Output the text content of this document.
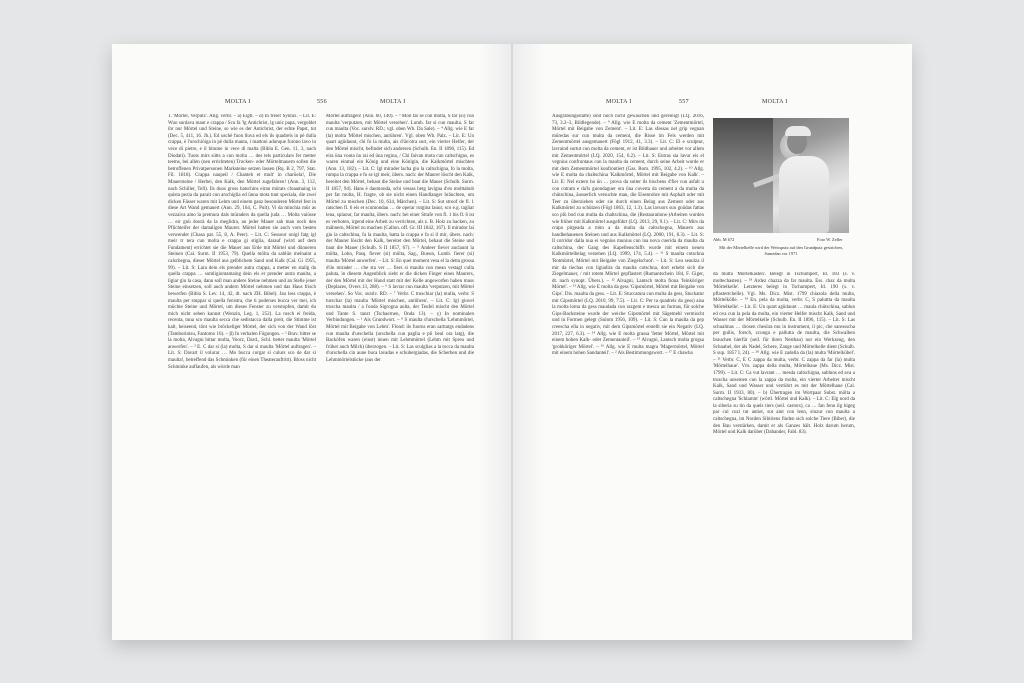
MOLTA I	556	MOLTA I

1. 'Mörtel, Verputz'. Allg. verbr. – a) Eigtl. – α) In freier Syntax. – Lit. E: Wuo surdava maut e crappa / Scu fa 'lg Antichrist, lg unic papa, vergoldet ihr nur Mörtel und Steine, so wie es der Antichrist, der echte Papst, tut (Dec. 5, 411, 16. Jh.). Ed uschè fuon lluva ed els ils quadrels in pè dulla crappa, è l'urschiöiga in pè dulla mauta, i mattoni adunque furono lavo in vece di pietre, e il bitume in vece di malta (Bibla E. Gen. 11, 3, nach Diodati). Tuots mirs sütts a cun molta … des tels particulars fer metter teems, bei allen (neu errichteten) Trocken- oder Mörtelmauern sollen die betroffenen Privatpersonen Marksteine setzen lassen (Rq. B 2, 797, Stat. Fil. 1818). Crappa naupeil / Chanteh et mult' in charüela!, Die Mauersteine / Herbei, den Kalk, den Mörtel zugefahren! (Ann. 3, 112, nach Schiller, Tell). Ils duos gross batschins eiran mörats cloaamaing in quista pezia da parait cun arschiglia ed ünna mota tunt speciala, die zwei dicken Fässer waren mit Lehm und einem ganz besonderen Mörtel fest in diese Art Wand gemauert (Ann. 29, 164, C. Pult). Vi da minchia mür as vezzaiva amo la premura dals müraders da quella juda … Molta vaiüsse … eir gnü dourà da la meglidra, an jeder Mauer sah man noch den Pflichteifer der damaligen Maurer. Mörtel hatten sie auch vom besten verwendet (Chasa pat. 55, 8, A. Peer). – Lit. C: Sessour onigl fatg igl meir tr tera cun molta e crappa gi stiglia, darauf (wird auf dem Fundament) errichtet sie die Mauer aus Erde mit Mörtel und dünneren Steinen (Cal. Surm. II 1953, 79). Quella mölta da sablün melnaint a calschegna, dieser Mörtel aus gelblichem Sand und Kalk (Cal. Gi 1955, 99). – Lit. S: Lara dein els prender autra crappa, a metter en stailg da quella crappa … sumligiontamaing dein els er prender autra maulta, a ligiar giu la casa, dann soll man andere Steine nehmen und an Stelle jener Steine einsetzen, soll auch andern Mörtel nehmen und das Haus frisch bewerfen (Bibla S. Lev. 14, 42, dt. nach ZH. Bibel). Jau less crappa, è maulta per stuppar si quella fenistra, che ti puderses bucca ver mei, ich möchte Steine und Mörtel, um dieses Fenster zu verstopfen, damit du mich nicht sehen kannst (Wenzin, Leg. 1, 252). La rusch ei freida, recenta, tuna sco maulta secca che sedistacca dalla preit, die Stimme ist kalt, heiseend, tönt wie bröckeliger Mörtel, der sich von der Wand löst (Tamborinisu, Fantomo 16). – β) In verbalen Fügungen. – ¹ Brav. bitter se la molta, Alvagni bittar multa, Voorz, Dard., Schl. better maulta 'Mörtel anwerfen'. – ² E. C dar si (la) molta, S dar si maulta 'Mörtel auftragen'. – Lit. S: Davart il volurar … Mo bucca corgar si culurs sco de dar si maulta!, betreffend das Schminken (für einen Theaterauftritt). Bloss nicht Schminke auflaufen, als würde man

Mörtel auftragen! (Ann. 60, 140). – ³ Mon far se cun molta, S far (si) cun maulta 'verputzen, mit Mörtel versehen'. Lumb. far si cun maulta. S far cun maulta (Voc. surslv. RD.; vgl. oben Wb. Da Sale). – ⁴ Allg. wie E far (la) molta 'Mörtel mischen, anrühren'. Vgl. oben Wb. Palz. – Lit. E: Un quart agüdaunt, chi fo la multa, ais d'ün'otra surt, ein vierter Helfer, der den Mörtel mischt, befindet sich andersen (Schulb. En. II 1896, 115). Ed eira üna vouta ün rai ed üna regina, / Chi faivan mota cun caltschigns, es waren einmal ein König und eine Königin, die Kalkmörtel mischten (Ann. 13, 182). – Lit. C: Igl mirader lacha gio la caltschigna, fo la molta, rumpa la crappa e fo se igl meir, übers. nach: der Maurer löscht den Kalk, bereitet den Mörtel, behaut die Steine und baut die Mauer (Schulb. Surm. II 1857, 94). Hans è daumonda, schi vessas betg lavigna d'en molttabub per far molta, H. fragte, ob sie nicht einen Handlanger bräuchten, um Mörtel zu mischen (Dec. 10, 634, Märchen). – Lit. S: Sut stroof de fl. 1 ratschen fl. 6 eis et scumondau … de operar rutgina lauur, sco e.g. tagliar lena, splaour, far maulta, übers. nach: bei einer Strafe von fl. 1 bis fl. 6 ist es verboten, irgend eine Arbeit zu verrichten, als z. B. Holz zu hacken, zu mähnern, Mörtel zu machen (Callon. off. Gr. III 1842, 167). Il mirador lai giu la caltschina, fa la maulta, batta la crappa e fa si il mir, übers. nach: der Maurer löscht den Kalk, bereitet den Mörtel, behaut die Steine und baut die Mauer (Schulb. S II 1857, 67). – ⁵ Andeer fiever auclaunt la mölta, Lohn, Pasq. fiever (si) mölta, Sag., Bueun, Lumb. fierer (si) maulta 'Mörtel anwerfen'. – Lit. S: En quei moment vesa el la detta grossa d'ün mirader … che sta ver … fiers si maulta cun mean vestagl culla paluta, in diesem Augenblick sieht er die dicken Finger eines Maurers, der den Mörtel mit der Hand statt mit der Kelle angeworfen haben muss (Deplazes, Overs 13, 288). – ⁶ S lavrar cun maulta 'verputzen, mit Mörtel versehen'. So Voc. surslv. RD. – ⁷ Verbr. C truschiar (la) mulla, verbr. S turschar (la) maulta 'Mörtel mischen, anrühren'. – Lit. C: Igl giuvel truscha maulta / a l'onda Sigrogna aulta, der Teufel mischt den Mörtel und Tante S. tanzt (Tschaernen, Onda 13). – γ) In nominalen Verbindungen. – ¹ Als Grundwort. – ⁸ S maulta d'urschella 'Lehmmörtel, Mörtel mit Beigabe von Lehm'. Flond: ils fuorns eran sarttatgs endadens cun maulta d'urschella (urschella cun paglia e pli beul ora latg), die Backöfen waren (einst) innen mit Lehmmörtel (Lehm mit Spreu und früher auch Milch) überzogen. – Lit. S: Las sculglias a la tocca da maulta d'urschella cin aune buca lavadas e schubergiadas, die Scherben und die Lehmmörtelstücke (aus der

MOLTA I	557	MOLTA I

Ausgrabungsstätte) sind noch nicht gewaschen und gereinigt (LQ. 2016, 73, 3.2–3, Bildlegende). – ⁹ Allg. wie E molta da cement 'Zementmörtel, Mörtel mit Beigabe von Zement'. – Lit. E: Las sfessas nel grip vegnan müredas sur cun multa da cement, die Risse im Fels werden mit Zementmörtel ausgemauert (Fögl 1912, 41, 3.3). – Lit. C: El e sculptur, lavraind surtut cun molta da cement, er ist Bildhauer und arbeitet vor allem mit Zementmörtel (LQ. 2020, 154, 6.2). – Lit. S: Entras sia lavur eis el vegnius confruntaus cun la maulta da cement, durch seine Arbeit wurde er mit dem Zementmörtel konfrontiert (Gas. Rom. 1995, 102, 4.2). – ¹⁰ Allg. wie E molta da chaltschina 'Kalkmörtel, Mörtel mit Beigabe von Kalk'. – Lit. E: Nel extern ho ün … prova da sutter ils bischens d'fier cun asfalt u con cutram e da'ls guondaguer ora üna cuverta da cement a da multa da chütschina, äusserlich versuchte man, die Eisenrohre mit Asphalt oder mit Teer zu überziehen oder sie durch einen Belag aus Zement oder aus Kalkmörtel zu schützen (Fögl 1863, 12, 1.3). Las lavuors sun gnüdas fattas sco plü bod cun multa da chaltschina, die (Restaurations-)Arbeiten wurden wie früher mit Kalkmörtel ausgeführt (LQ. 2013, 29, 9.1). – Lit. C: Mirs da crapa pitgeada a mùn a da multa da caltschegna, Mauern aus handbehauenen Steinen und aus Kalkmörtel (LQ. 2000, 191, 8.3). – Lit. S: Il corridor dalla nua ei vegnius munius cun ina nova cuerida da maulta da caltschina, der Gang des Kapellenschiffs wurde mit einem neuen Kalkmörtelbelag versehen (LQ. 1999, 174, 5.4). – ¹¹ S maulta cotschna 'Rotmörtel, Mörtel mit Beigabe von Ziegelschrot'. – Lit. S: Leu seaulza il mir da tiechas cun ligiadira da maulta cotschna, dort erhebt sich die Ziegelmauer, / mit rotem Mörtel gepflastert (Rumantschein 184, F. Giger, dt. nach synopt. Übers.). – ¹² Alvagni, Lantsch molta fiona 'feinköriger Mörtel'. – ¹³ Allg. wie E molta da gess 'Gipsmörtel, Mörtel mit Beigabe von Gips'. Dis. maulta da gess. – Lit. E: Stuccatura cun multa da gess, Stuckatur mit Gipsmörtel (LQ. 2010, 99, 7.5). – Lit. C: Per ta quadrels da gess) aisa la molta loma da gess maudada cun razgem e mesca an furmas, für solche Gips-Backsteine wurde der weiche Gipsmörtel mit Sägemehl vermischt und in Formen gelegt (Sulom 1956, 109). – Lit. S: Cun la maulta da gep creescha ella in negativ, mit dem Gipsmörtel erstellt sie ein Negativ (LQ. 2017, 227, 6.3). – ¹⁴ Allg. wie E molta grassa 'fetter Mörtel, Mörtel mit einem hohen Kalk- oder Zementanteil'. – ¹⁵ Alvagni, Lantsch molta grogsa 'grobköriger Mörtel'. – ¹⁶ Allg. wie E multa magra 'Magermörtel, Mörtel mit einem hohen Sandanteil'. – ² Als Bestimmungswort. – ¹⁷ E chawha

Abb. M 672	Foto W. Zeller
Mit der Mörtelkelle wird der Weissputz auf den Grundputz gestrichen, Samedan vor 1971

da multa 'Mörtelkasten'. Belegt in Tschumpert, Id. 183 (s. v. moltechasten). – ¹⁸ Ardez chazza da far maulta. Ess. chaz da multa 'Mörtelkelle'. Letzteres belegt in Tschumpert, Id. 190 (s. v. pflastertchelle). Vgl. Ms. Dicz. Mist. 1799 chiazola della multa, Mörtelkölle. – ¹⁹ En. pela da molta, verbr. C, S paluttta da maulta 'Mörtelkelle'. – Lit. E: Un quart agüdaunt … maula chütschina, sablun ed ova cun la pela da molta, ein vierter Helfer mischt Kalk, Sand und Wasser mit der Mörtelkelle (Schulb. En. II 1896, 115). – Lit. S: Las schualmas … drosen chesüra mu in instrument, il pic, che saressscha per guilis, forsch, zcunga e pallutta de maulta, die Schwalben brauchen hierfür (seil. für ihren Nestbau) nur ein Werkzeug, den Schnabel, der als Nadel, Schere, Zange und Mörtelkelle dient (Schulb. S sup. 1857 I, 24). – ²⁰ Allg. wie E zadella da (la) multa 'Mörtelkübel'. – ²¹ Verbr. C, E C zappa da multa, verbr. C zappa da far (la) multa 'Mörtelhaue'. Vm. zappa della multa, Mörtelhaue (Ms. Dicz. Mist. 1799). – Lit. C: Ca vut lavrant … mesda caltschigna, sabluns ed ava a truscha unsemen cun la zappa da molta, ein vierter Arbeiter mischt Kalk, Sand und Wasser und verrührt es mit der Mörtelhaue (Cal. Surm. II 1933, 80). – b) Übertragen im Wortpaar Subst. mölta a caltschegna 'Schlamm' (wörtl. Mörtel und Kalk). – Lit. C: Elg nord da la siberia su tin da quels tiers (seil. castors), ca … fan fenn ilg bigeg par cul cuzi tut antier, sut aint cun lenn, sinzur cun maulta a caltschegna, im Norden Sibiriens finden sich solche Tiere (Biber), die den Bau verstärken, damit er als Ganzes hält. Holz darum herum, Mörtel und Kalk darüber (Dabander, Fabl. 83).
